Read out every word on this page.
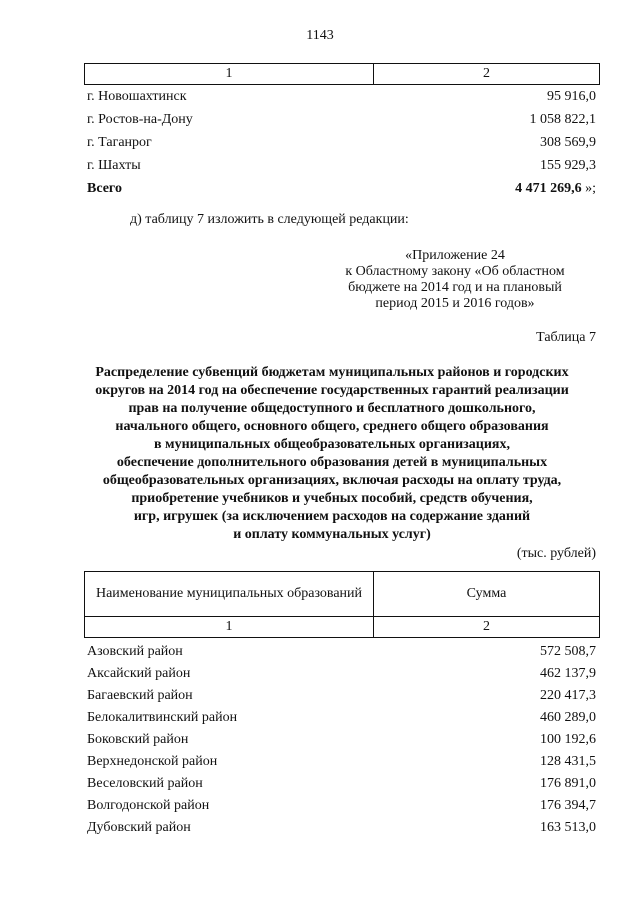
1143
1	2
г. Новошахтинск	95 916,0
г. Ростов-на-Дону	1 058 822,1
г. Таганрог	308 569,9
г. Шахты	155 929,3
Всего	4 471 269,6 »;
д) таблицу 7 изложить в следующей редакции:
«Приложение 24
к Областному закону «Об областном
бюджете на 2014 год и на плановый
период 2015 и 2016 годов»
Таблица 7
Распределение субвенций бюджетам муниципальных районов и городских
округов на 2014 год на обеспечение государственных гарантий реализации
прав на получение общедоступного и бесплатного дошкольного,
начального общего, основного общего, среднего общего образования
в муниципальных общеобразовательных организациях,
обеспечение дополнительного образования детей в муниципальных
общеобразовательных организациях, включая расходы на оплату труда,
приобретение учебников и учебных пособий, средств обучения,
игр, игрушек (за исключением расходов на содержание зданий
и оплату коммунальных услуг)
(тыс. рублей)
Наименование муниципальных образований	Сумма
1	2
Азовский район	572 508,7
Аксайский район	462 137,9
Багаевский район	220 417,3
Белокалитвинский район	460 289,0
Боковский район	100 192,6
Верхнедонской район	128 431,5
Веселовский район	176 891,0
Волгодонской район	176 394,7
Дубовский район	163 513,0
